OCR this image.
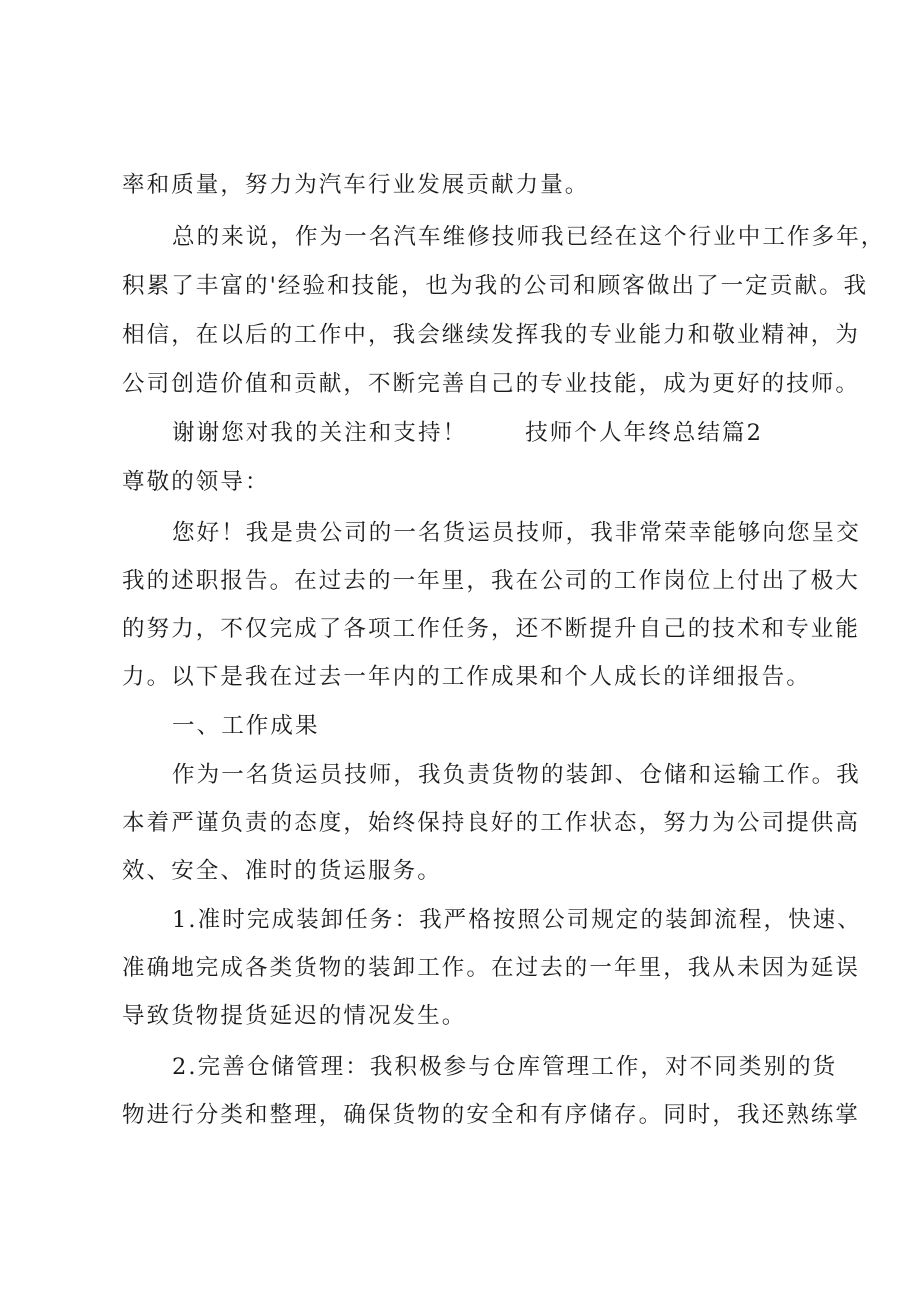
率和质量，努力为汽车行业发展贡献力量。
总的来说，作为一名汽车维修技师我已经在这个行业中工作多年，
积累了丰富的'经验和技能，也为我的公司和顾客做出了一定贡献。我
相信，在以后的工作中，我会继续发挥我的专业能力和敬业精神，为
公司创造价值和贡献，不断完善自己的专业技能，成为更好的技师。
谢谢您对我的关注和支持！	技师个人年终总结篇2
尊敬的领导：
您好！我是贵公司的一名货运员技师，我非常荣幸能够向您呈交
我的述职报告。在过去的一年里，我在公司的工作岗位上付出了极大
的努力，不仅完成了各项工作任务，还不断提升自己的技术和专业能
力。以下是我在过去一年内的工作成果和个人成长的详细报告。
一、工作成果
作为一名货运员技师，我负责货物的装卸、仓储和运输工作。我
本着严谨负责的态度，始终保持良好的工作状态，努力为公司提供高
效、安全、准时的货运服务。
1.准时完成装卸任务：我严格按照公司规定的装卸流程，快速、
准确地完成各类货物的装卸工作。在过去的一年里，我从未因为延误
导致货物提货延迟的情况发生。
2.完善仓储管理：我积极参与仓库管理工作，对不同类别的货
物进行分类和整理，确保货物的安全和有序储存。同时，我还熟练掌
